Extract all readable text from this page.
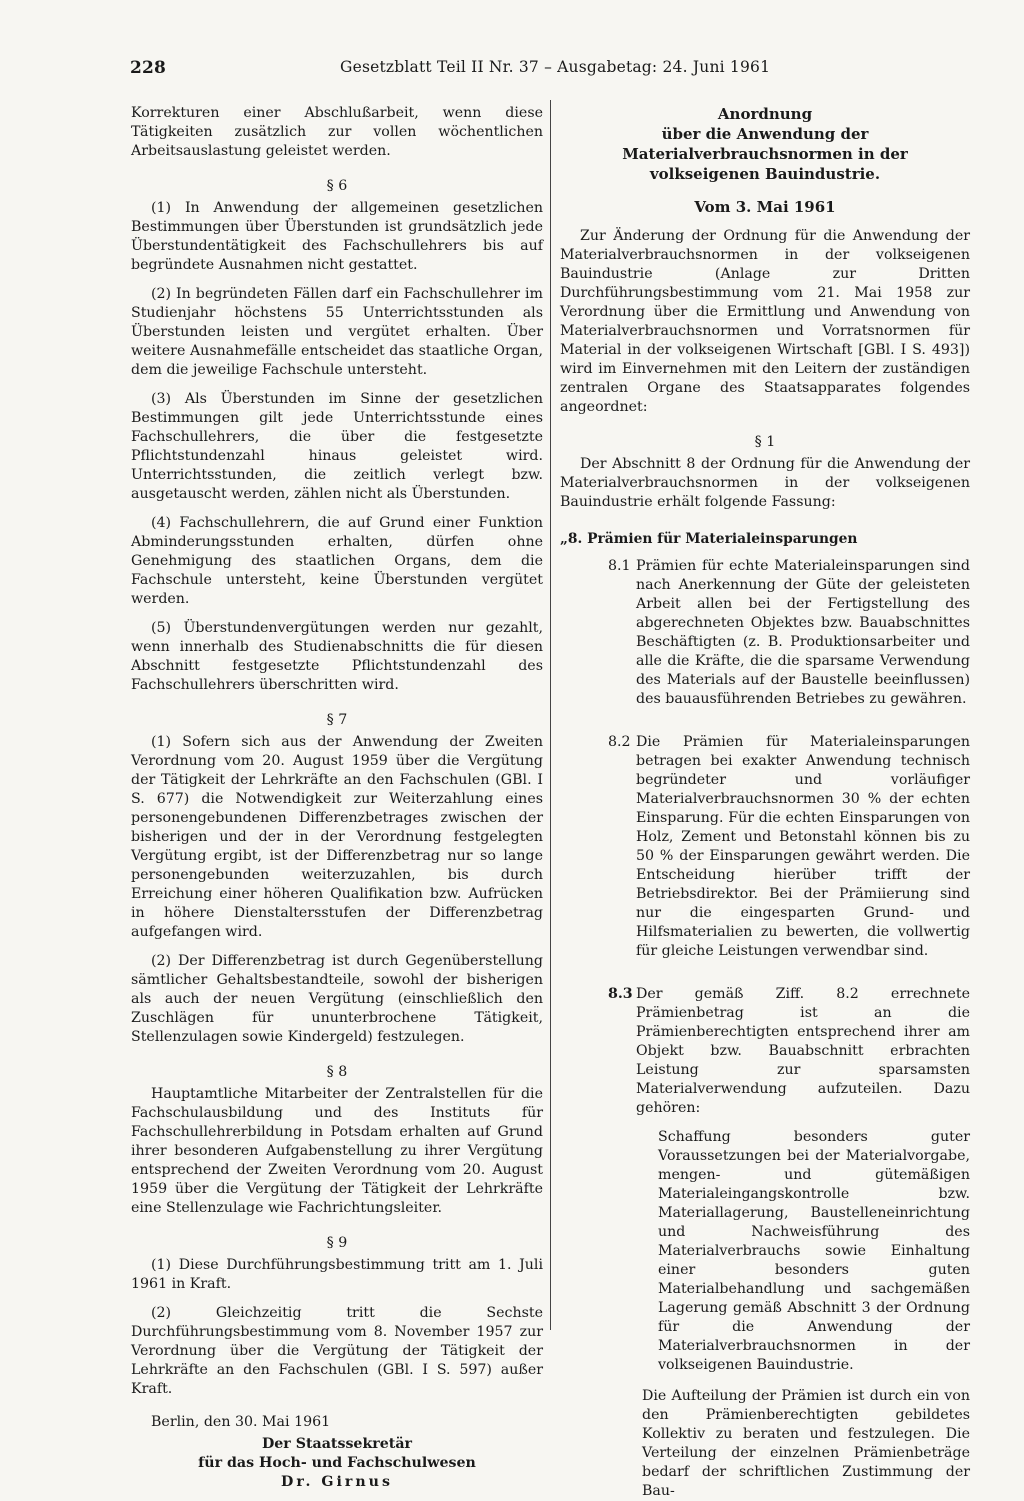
228	Gesetzblatt Teil II Nr. 37 – Ausgabetag: 24. Juni 1961

Korrekturen einer Abschlußarbeit, wenn diese Tätigkeiten zusätzlich zur vollen wöchentlichen Arbeitsauslastung geleistet werden.

§ 6

(1) In Anwendung der allgemeinen gesetzlichen Bestimmungen über Überstunden ist grundsätzlich jede Überstundentätigkeit des Fachschullehrers bis auf begründete Ausnahmen nicht gestattet.

(2) In begründeten Fällen darf ein Fachschullehrer im Studienjahr höchstens 55 Unterrichtsstunden als Überstunden leisten und vergütet erhalten. Über weitere Ausnahmefälle entscheidet das staatliche Organ, dem die jeweilige Fachschule untersteht.

(3) Als Überstunden im Sinne der gesetzlichen Bestimmungen gilt jede Unterrichtsstunde eines Fachschullehrers, die über die festgesetzte Pflichtstundenzahl hinaus geleistet wird. Unterrichtsstunden, die zeitlich verlegt bzw. ausgetauscht werden, zählen nicht als Überstunden.

(4) Fachschullehrern, die auf Grund einer Funktion Abminderungsstunden erhalten, dürfen ohne Genehmigung des staatlichen Organs, dem die Fachschule untersteht, keine Überstunden vergütet werden.

(5) Überstundenvergütungen werden nur gezahlt, wenn innerhalb des Studienabschnitts die für diesen Abschnitt festgesetzte Pflichtstundenzahl des Fachschullehrers überschritten wird.

§ 7

(1) Sofern sich aus der Anwendung der Zweiten Verordnung vom 20. August 1959 über die Vergütung der Tätigkeit der Lehrkräfte an den Fachschulen (GBl. I S. 677) die Notwendigkeit zur Weiterzahlung eines personengebundenen Differenzbetrages zwischen der bisherigen und der in der Verordnung festgelegten Vergütung ergibt, ist der Differenzbetrag nur so lange personengebunden weiterzuzahlen, bis durch Erreichung einer höheren Qualifikation bzw. Aufrücken in höhere Dienstaltersstufen der Differenzbetrag aufgefangen wird.

(2) Der Differenzbetrag ist durch Gegenüberstellung sämtlicher Gehaltsbestandteile, sowohl der bisherigen als auch der neuen Vergütung (einschließlich den Zuschlägen für ununterbrochene Tätigkeit, Stellenzulagen sowie Kindergeld) festzulegen.

§ 8

Hauptamtliche Mitarbeiter der Zentralstellen für die Fachschulausbildung und des Instituts für Fachschullehrerbildung in Potsdam erhalten auf Grund ihrer besonderen Aufgabenstellung zu ihrer Vergütung entsprechend der Zweiten Verordnung vom 20. August 1959 über die Vergütung der Tätigkeit der Lehrkräfte eine Stellenzulage wie Fachrichtungsleiter.

§ 9

(1) Diese Durchführungsbestimmung tritt am 1. Juli 1961 in Kraft.

(2) Gleichzeitig tritt die Sechste Durchführungsbestimmung vom 8. November 1957 zur Verordnung über die Vergütung der Tätigkeit der Lehrkräfte an den Fachschulen (GBl. I S. 597) außer Kraft.

Berlin, den 30. Mai 1961

Der Staatssekretär

für das Hoch- und Fachschulwesen

Dr. Girnus

Anordnung

über die Anwendung der Materialverbrauchsnormen in der volkseigenen Bauindustrie.

Vom 3. Mai 1961

Zur Änderung der Ordnung für die Anwendung der Materialverbrauchsnormen in der volkseigenen Bauindustrie (Anlage zur Dritten Durchführungsbestimmung vom 21. Mai 1958 zur Verordnung über die Ermittlung und Anwendung von Materialverbrauchsnormen und Vorratsnormen für Material in der volkseigenen Wirtschaft [GBl. I S. 493]) wird im Einvernehmen mit den Leitern der zuständigen zentralen Organe des Staatsapparates folgendes angeordnet:

§ 1

Der Abschnitt 8 der Ordnung für die Anwendung der Materialverbrauchsnormen in der volkseigenen Bauindustrie erhält folgende Fassung:

„8. Prämien für Materialeinsparungen

8.1 Prämien für echte Materialeinsparungen sind nach Anerkennung der Güte der geleisteten Arbeit allen bei der Fertigstellung des abgerechneten Objektes bzw. Bauabschnittes Beschäftigten (z. B. Produktionsarbeiter und alle die Kräfte, die die sparsame Verwendung des Materials auf der Baustelle beeinflussen) des bauausführenden Betriebes zu gewähren.

8.2 Die Prämien für Materialeinsparungen betragen bei exakter Anwendung technisch begründeter und vorläufiger Materialverbrauchsnormen 30 % der echten Einsparung. Für die echten Einsparungen von Holz, Zement und Betonstahl können bis zu 50 % der Einsparungen gewährt werden. Die Entscheidung hierüber trifft der Betriebsdirektor. Bei der Prämiierung sind nur die eingesparten Grund- und Hilfsmaterialien zu bewerten, die vollwertig für gleiche Leistungen verwendbar sind.

8.3 Der gemäß Ziff. 8.2 errechnete Prämienbetrag ist an die Prämienberechtigten entsprechend ihrer am Objekt bzw. Bauabschnitt erbrachten Leistung zur sparsamsten Materialverwendung aufzuteilen. Dazu gehören:

Schaffung besonders guter Voraussetzungen bei der Materialvorgabe, mengen- und gütemäßigen Materialeingangskontrolle bzw. Materiallagerung, Baustelleneinrichtung und Nachweisführung des Materialverbrauchs sowie Einhaltung einer besonders guten Materialbehandlung und sachgemäßen Lagerung gemäß Abschnitt 3 der Ordnung für die Anwendung der Materialverbrauchsnormen in der volkseigenen Bauindustrie.

Die Aufteilung der Prämien ist durch ein von den Prämienberechtigten gebildetes Kollektiv zu beraten und festzulegen. Die Verteilung der einzelnen Prämienbeträge bedarf der schriftlichen Zustimmung der Bau-
